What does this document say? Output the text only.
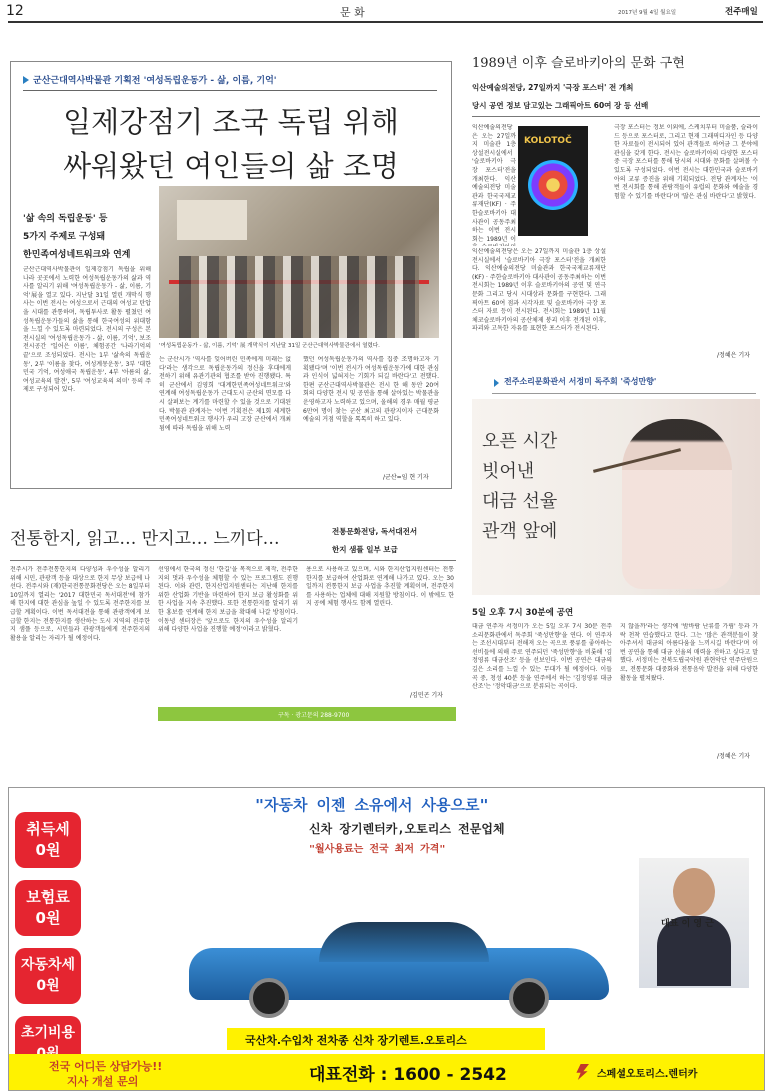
12	문 화	2017년 9월 4일 월요일	전주매일
군산근대역사박물관 기획전 '여성독립운동가 - 삶, 이름, 기억'
일제강점기 조국 독립 위해
싸워왔던 여인들의 삶 조명
'삶 속의 독립운동' 등
5가지 주제로 구성돼
한민족여성네트워크와 연계
'여성독립운동가 - 삶, 이름, 기억' 展 개막식이 지난달 31일 군산근대역사박물관에서 열렸다.
군산근대역사박물관이 일제강점기 독립을 위해 나라 곳곳에서 노력한 여성독립운동가의 삶과 역사를 알리기 위해 '여성독립운동가 - 삶, 이름, 기억'展을 열고 있다. 지난달 31일 열린 개막식 행사는 이번 전시는 여성으로서 근대의 여성교 탄압을 시대를 관통하며, 독립투사로 활동 펼쳤던 여성독립운동가들의 삶을 통해 한국여성의 위대함을 느낄 수 있도록 마련되었다. 전시의 구성은 본 전시실의 '여성독립운동가 - 삶, 이름, 기억', 보조 전시공간 '일어은 이름', 체험공간 '나라기억의 끝'으로 조성되었다. 전시는 1부 '삶속의 독립운동', 2부 '이름을 찾다, 여성계몽운동', 3부 '대한민국 기억, 여성애국 독립운동', 4부 '아름의 삶, 여성교육의 발견', 5부 '여성교육의 의미' 등의 주제로 구성되어 있다.
는 군산시가 '역사를 잊어버린 민족에게 미래는 없다'라는 생각으로 독립운동가의 정신을 후대에게 전하기 위해 유관기관의 협조를 받아 진행됐다. 특히 군산에서 김영희 '대계한민족여성네트워크'와 연계해 여성독립운동가 근대도시 군산의 면모를 다시 살펴보는 계기를 마련할 수 있을 것으로 기대된다. 박물관 관계자는 '이번 기획전은 제1회 세계한민족여성네트워크 행사가 우리 고장 군산에서 개최됨에 따라 독립을 위해 노력
했던 여성독립운동가의 역사를 집중 조명하고자 기획됐다'며 '이번 전시가 여성독립운동가에 대한 관심과 인식이 넓혀지는 기회가 되길 바란다'고 전했다. 한편 군산근대역사박물관은 전시 한 해 동안 20여 회의 다양한 전시 및 공연을 통해 살아있는 박물관을 운영하고자 노력하고 있으며, 올해의 경우 매월 평균 6만여 명이 찾는 군산 최고의 관광지이자 근대문화예술의 거점 역할을 톡톡히 하고 있다.
/군산=임 현 기자
1989년 이후 슬로바키아의 문화 구현
익산예술의전당, 27일까지 '극장 포스터' 전 개최
당시 공연 정보 담고있는 그래픽아트 60여 장 등 선배
KOLOTOČ
익산예술의전당은 오는 27일까지 미술관 1층 상설전시실에서 '슬로바키아 극장 포스터'전을 개최한다. 익산예술의전당 미술관과 한국국제교류재단(KF) · 주한슬로바키아 대사관이 공동주최하는 이번 전시회는 1989년 이
익산예술의전당은 오는 27일까지 미술관 1층 상설전시실에서 '슬로바키아 극장 포스터'전을 개최한다. 익산예술의전당 미술관과 한국국제교류재단(KF) · 주한슬로바키아 대사관이 공동주최하는 이번 전시회는 1989년 이후 슬로바키아의 공연 및 연극 문화 그리고 당시 시대상과 문화를 구현한다. 그래픽아트 60여 점과 시각자료 및 슬로바키아 극장 포스터 자료 등이 전시된다. 전시회는 1989년 11월 체코슬로바키아의 공산체제 붕괴 이후 전개된 이후, 파괴와 고독한 자유를 표현한 포스터가 전시된다.
극장 포스터는 정보 이외에, 스케치부터 미술품, 슬라이드 등으로 포스터로, 그리고 현재 그래픽디자인 등 다양한 자료들이 전시되어 있어 관객들로 하여금 그 분야에 관심을 갖게 한다. 전시는 슬로바키아의 다양한 포스터 중 극장 포스터를 통해 당시의 시대와 문화를 살펴볼 수 있도록 구성되었다. 이번 전시는 대한민국과 슬로바키아의 교류 증진을 위해 기획되었다. 전당 관계자는 '이번 전시회를 통해 관람객들이 유럽의 문화와 예술을 경험할 수 있기를 바란다'며 '많은 관심 바란다'고 밝혔다.
/정혜은 기자
전주소리문화관서 서정미 독주회 '죽성만향'
오픈 시간
빗어낸
대금 선율
관객 앞에
5일 오후 7시 30분에 공연
대금 연주자 서정미가 오는 5일 오후 7시 30분 전주소리문화관에서 독주회 '죽성만향'을 연다. 이 연주자는 조선시대부터 전해져 오는 곡으로 풍류를 좋아하는 선비들에 의해 주로 연주되던 '죽성만향'을 비롯해 '김정영류 대금산조' 등을 선보인다. 이번 공연은 대금의 깊은 소리를 느낄 수 있는 무대가 될 예정이다. 이들 곡 중, 청성 40분 등을 연주에서 하는 '김정영류 대금산조'는 '정악대금'으로 분류되는 곡이다.
지 않을까'라는 생각에 '밤바람 난류를 가림' 등과 가락 천착 연습했다고 한다. 그는 '많은 관객분들이 찾아주셔서 대금의 아름다움을 느끼시길 바란다'며 이번 공연을 통해 대금 선율의 매력을 전하고 싶다고 말했다. 서정미는 전북도립국악원 관현악단 연주단원으로, 전통문화 대중화와 전통음악 발전을 위해 다양한 활동을 펼쳐왔다.
/정혜은 기자
전통한지, 읽고… 만지고… 느끼다…	전통문화전당, 독서대전서
한지 샘플 일부 보급
전주시가 전주전통한지의 다양성과 우수성을 알리기 위해 시민, 관광객 등을 대상으로 한지 무상 보급에 나선다. 전주시와 (재)한국전통문화전당은 오는 8일부터 10일까지 열리는 '2017 대한민국 독서대전'에 참가해 한지에 대한 관심을 높일 수 있도록 전주한지를 보급할 계획이다. 이번 독서대전을 통해 관광객에게 보급할 한지는 전통한지를 생산하는 도시 지역의 전주한지 샘플 등으로, 시민들과 관광객들에게 전주한지의 활용을 알리는 자리가 될 예정이다.
선영에서 한국의 정신 '한길'을 목적으로 제작, 전주한지의 멋과 우수성을 체험할 수 있는 프로그램도 진행된다. 이와 관련, 한지산업지원센터는 지난해 한지를 위한 산업화 기반을 마련하여 한지 보급 활성화를 위한 사업을 지속 추진했다. 또한 전통한지를 알리기 위한 홍보를 연계해 한지 보급을 확대해 나갈 방침이다. 이동녕 센터장은 '앞으로도 한지의 우수성을 알리기 위해 다양한 사업을 진행할 예정'이라고 밝혔다.
용으로 사용하고 있으며, 시와 한지산업지원센터는 전통한지를 보급하여 산업화로 연계해 나가고 있다. 오는 30일까지 전통한지 보급 사업을 추진할 계획이며, 전주한지를 사용하는 업체에 대해 지원할 방침이다. 이 밖에도 한지 공예 체험 행사도 함께 열린다.
/김민곤 기자
구독 · 광고문의 288-9700
"자동차 이젠 소유에서 사용으로"
신차 장기렌터카,오토리스 전문업체
"월사용료는 전국 최저 가격"
취득세
0원
보험료
0원
자동차세
0원
초기비용

대표 이 영 근
국산차.수입차 전차종 신차 장기렌트.오토리스
전국 어디든 상담가능!!
지사 개설 문의	대표전화 : 1600 - 2542	스페셜오토리스.렌터카
